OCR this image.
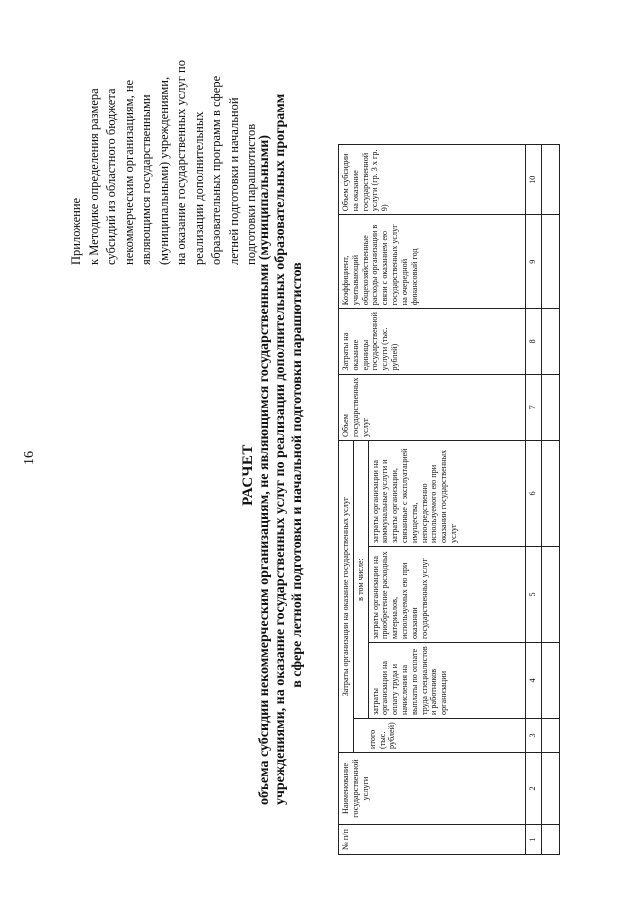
16
Приложение к Методике определения размера субсидий из областного бюджета некоммерческим организациям, не являющимся государственными (муниципальными) учреждениями, на оказание государственных услуг по реализации дополнительных образовательных программ в сфере летней подготовки и начальной подготовки парашютистов
РАСЧЕТ объема субсидии некоммерческим организациям, не являющимся государственными (муниципальными) учреждениями, на оказание государственных услуг по реализации дополнительных образовательных программ в сфере летной подготовки и начальной подготовки парашютистов
№ п/п	Наименование государственной услуги	Затраты организации на оказание государственных услуг				Объем государственных услуг	Затраты на оказание единицы государственной услуги (тыс. рублей)	Коэффициент, учитывающий общехозяйственные расходы организации в связи с оказанием ею государственных услуг на очередной финансовый год	Объем субсидии на оказание государственной услуги (гр. 3 x гр. 9)
		итого (тыс. рублей)	в том числе:						
			затраты организации на оплату труда и начисления на выплаты по оплате труда специалистов и работников организации	затраты организации на приобретение расходных материалов, используемых ею при оказании государственных услуг	затраты организации на коммунальные услуги и затраты организации, связанные с эксплуатацией имущества, непосредственно используемого ею при оказании государственных услуг				
1	2	3	4	5	6	7	8	9	10
